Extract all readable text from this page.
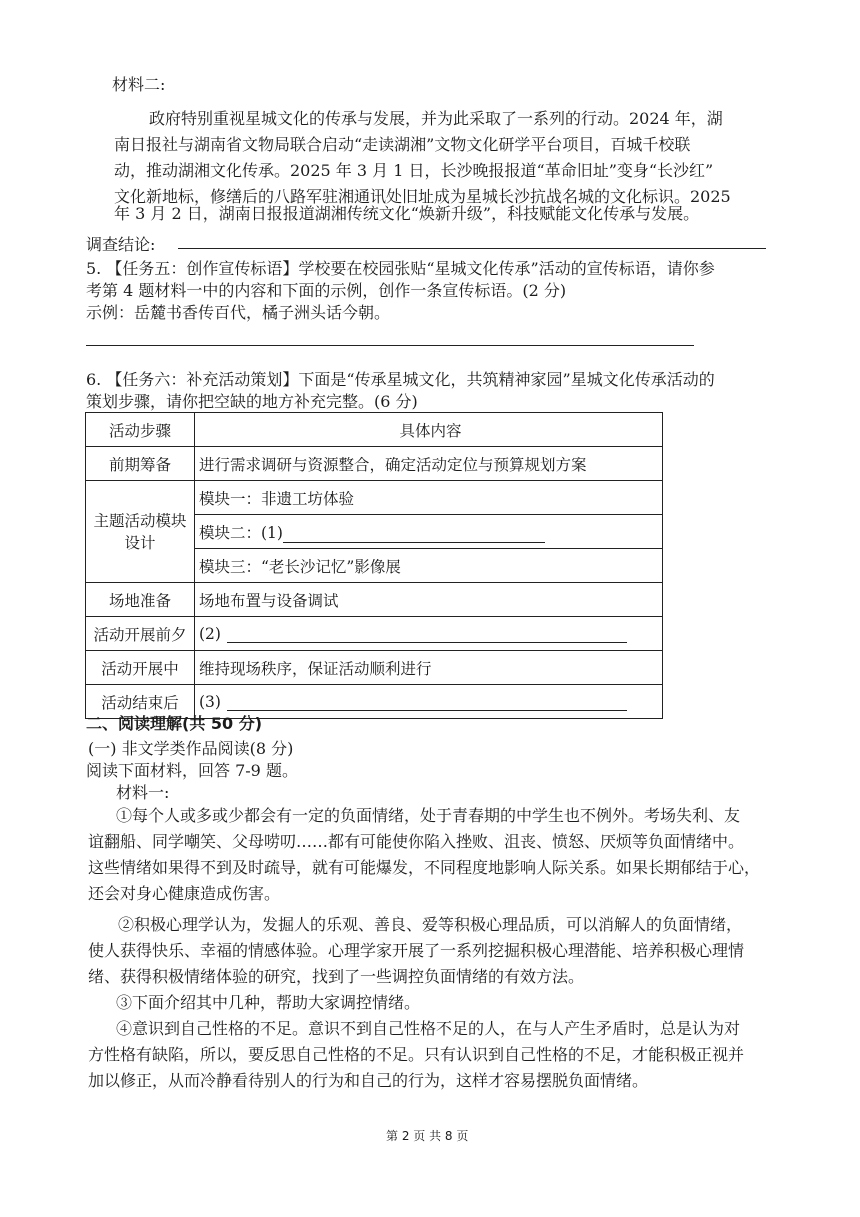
材料二:
政府特别重视星城文化的传承与发展，并为此采取了一系列的行动。2024 年，湖
南日报社与湖南省文物局联合启动“走读湖湘”文物文化研学平台项目，百城千校联
动，推动湖湘文化传承。2025 年 3 月 1 日，长沙晚报报道“革命旧址”变身“长沙红”
文化新地标，修缮后的八路军驻湘通讯处旧址成为星城长沙抗战名城的文化标识。2025
年 3 月 2 日，湖南日报报道湖湘传统文化“焕新升级”，科技赋能文化传承与发展。
调查结论:
5. 【任务五：创作宣传标语】学校要在校园张贴“星城文化传承”活动的宣传标语，请你参
考第 4 题材料一中的内容和下面的示例，创作一条宣传标语。(2 分)
示例：岳麓书香传百代，橘子洲头话今朝。
6. 【任务六：补充活动策划】下面是“传承星城文化，共筑精神家园”星城文化传承活动的
策划步骤，请你把空缺的地方补充完整。(6 分)
活动步骤	具体内容
前期筹备	进行需求调研与资源整合，确定活动定位与预算规划方案
主题活动模块设计	模块一：非遗工坊体验
	模块二：(1)
	模块三：“老长沙记忆”影像展
场地准备	场地布置与设备调试
活动开展前夕	(2)
活动开展中	维持现场秩序，保证活动顺利进行
活动结束后	(3)
二、阅读理解(共 50 分)
(一) 非文学类作品阅读(8 分)
阅读下面材料，回答 7-9 题。
材料一:
①每个人或多或少都会有一定的负面情绪，处于青春期的中学生也不例外。考场失利、友
谊翻船、同学嘲笑、父母唠叨……都有可能使你陷入挫败、沮丧、愤怒、厌烦等负面情绪中。
这些情绪如果得不到及时疏导，就有可能爆发，不同程度地影响人际关系。如果长期郁结于心，
还会对身心健康造成伤害。
②积极心理学认为，发掘人的乐观、善良、爱等积极心理品质，可以消解人的负面情绪，
使人获得快乐、幸福的情感体验。心理学家开展了一系列挖掘积极心理潜能、培养积极心理情
绪、获得积极情绪体验的研究，找到了一些调控负面情绪的有效方法。
③下面介绍其中几种，帮助大家调控情绪。
④意识到自己性格的不足。意识不到自己性格不足的人，在与人产生矛盾时，总是认为对
方性格有缺陷，所以，要反思自己性格的不足。只有认识到自己性格的不足，才能积极正视并
加以修正，从而冷静看待别人的行为和自己的行为，这样才容易摆脱负面情绪。
第 2 页 共 8 页
